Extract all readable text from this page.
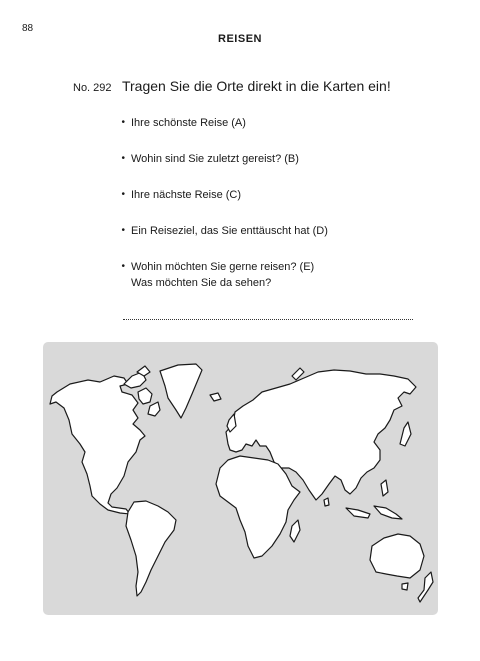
88
REISEN
No. 292 Tragen Sie die Orte direkt in die Karten ein!
• Ihre schönste Reise (A)
• Wohin sind Sie zuletzt gereist? (B)
• Ihre nächste Reise (C)
• Ein Reiseziel, das Sie enttäuscht hat (D)
• Wohin möchten Sie gerne reisen? (E)
Was möchten Sie da sehen?
